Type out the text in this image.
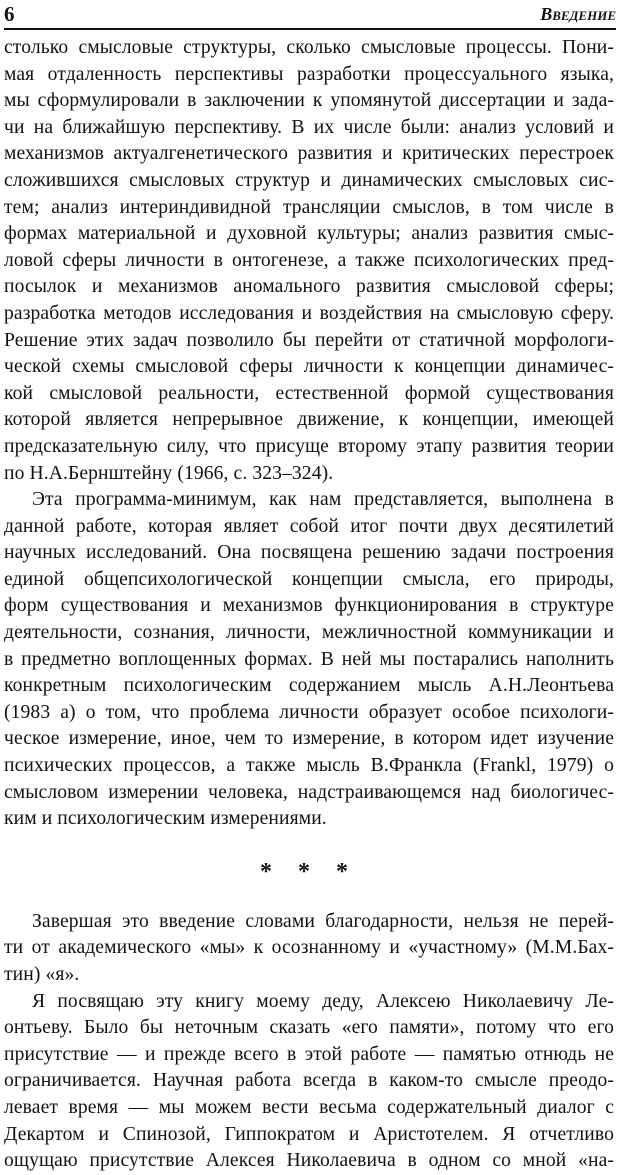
6	Введение
столько смысловые структуры, сколько смысловые процессы. Пони-
мая отдаленность перспективы разработки процессуального языка,
мы сформулировали в заключении к упомянутой диссертации и зада-
чи на ближайшую перспективу. В их числе были: анализ условий и
механизмов актуалгенетического развития и критических перестроек
сложившихся смысловых структур и динамических смысловых сис-
тем; анализ интериндивидной трансляции смыслов, в том числе в
формах материальной и духовной культуры; анализ развития смыс-
ловой сферы личности в онтогенезе, а также психологических пред-
посылок и механизмов аномального развития смысловой сферы;
разработка методов исследования и воздействия на смысловую сферу.
Решение этих задач позволило бы перейти от статичной морфологи-
ческой схемы смысловой сферы личности к концепции динамичес-
кой смысловой реальности, естественной формой существования
которой является непрерывное движение, к концепции, имеющей
предсказательную силу, что присуще второму этапу развития теории
по Н.А.Бернштейну (1966, с. 323–324).
Эта программа-минимум, как нам представляется, выполнена в
данной работе, которая являет собой итог почти двух десятилетий
научных исследований. Она посвящена решению задачи построения
единой общепсихологической концепции смысла, его природы,
форм существования и механизмов функционирования в структуре
деятельности, сознания, личности, межличностной коммуникации и
в предметно воплощенных формах. В ней мы постарались наполнить
конкретным психологическим содержанием мысль А.Н.Леонтьева
(1983 а) о том, что проблема личности образует особое психологи-
ческое измерение, иное, чем то измерение, в котором идет изучение
психических процессов, а также мысль В.Франкла (Frankl, 1979) о
смысловом измерении человека, надстраивающемся над биологичес-
ким и психологическим измерениями.
* * *
Завершая это введение словами благодарности, нельзя не перей-
ти от академического «мы» к осознанному и «участному» (М.М.Бах-
тин) «я».
Я посвящаю эту книгу моему деду, Алексею Николаевичу Ле-
онтьеву. Было бы неточным сказать «его памяти», потому что его
присутствие — и прежде всего в этой работе — памятью отнюдь не
ограничивается. Научная работа всегда в каком-то смысле преодо-
левает время — мы можем вести весьма содержательный диалог с
Декартом и Спинозой, Гиппократом и Аристотелем. Я отчетливо
ощущаю присутствие Алексея Николаевича в одном со мной «на-
